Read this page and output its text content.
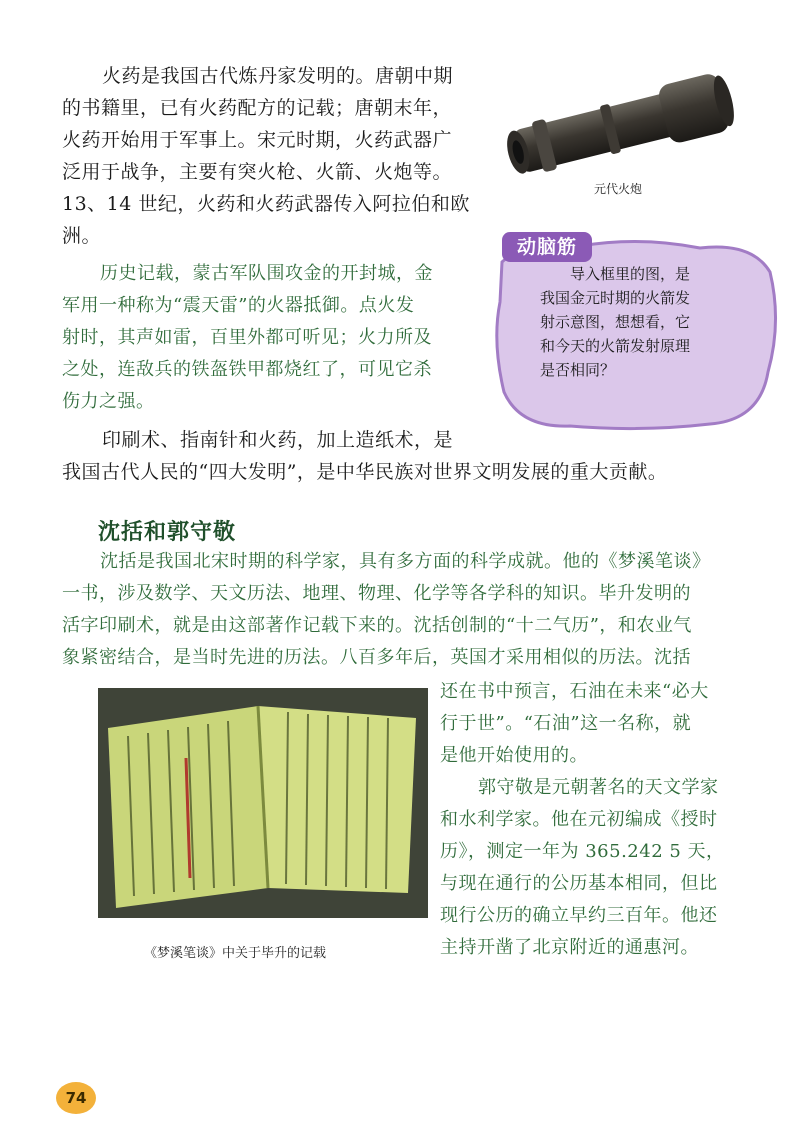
火药是我国古代炼丹家发明的。唐朝中期
的书籍里，已有火药配方的记载；唐朝末年，
火药开始用于军事上。宋元时期，火药武器广
泛用于战争，主要有突火枪、火箭、火炮等。
13、14 世纪，火药和火药武器传入阿拉伯和欧
洲。
元代火炮
动脑筋
导入框里的图，是
我国金元时期的火箭发
射示意图，想想看，它
和今天的火箭发射原理
是否相同？
历史记载，蒙古军队围攻金的开封城，金
军用一种称为“震天雷”的火器抵御。点火发
射时，其声如雷，百里外都可听见；火力所及
之处，连敌兵的铁盔铁甲都烧红了，可见它杀
伤力之强。
印刷术、指南针和火药，加上造纸术，是
我国古代人民的“四大发明”，是中华民族对世界文明发展的重大贡献。
沈括和郭守敬
沈括是我国北宋时期的科学家，具有多方面的科学成就。他的《梦溪笔谈》
一书，涉及数学、天文历法、地理、物理、化学等各学科的知识。毕升发明的
活字印刷术，就是由这部著作记载下来的。沈括创制的“十二气历”，和农业气
象紧密结合，是当时先进的历法。八百多年后，英国才采用相似的历法。沈括
《梦溪笔谈》中关于毕升的记载
还在书中预言，石油在未来“必大
行于世”。“石油”这一名称，就
是他开始使用的。
郭守敬是元朝著名的天文学家
和水利学家。他在元初编成《授时
历》，测定一年为 365.242 5 天，
与现在通行的公历基本相同，但比
现行公历的确立早约三百年。他还
主持开凿了北京附近的通惠河。
74
